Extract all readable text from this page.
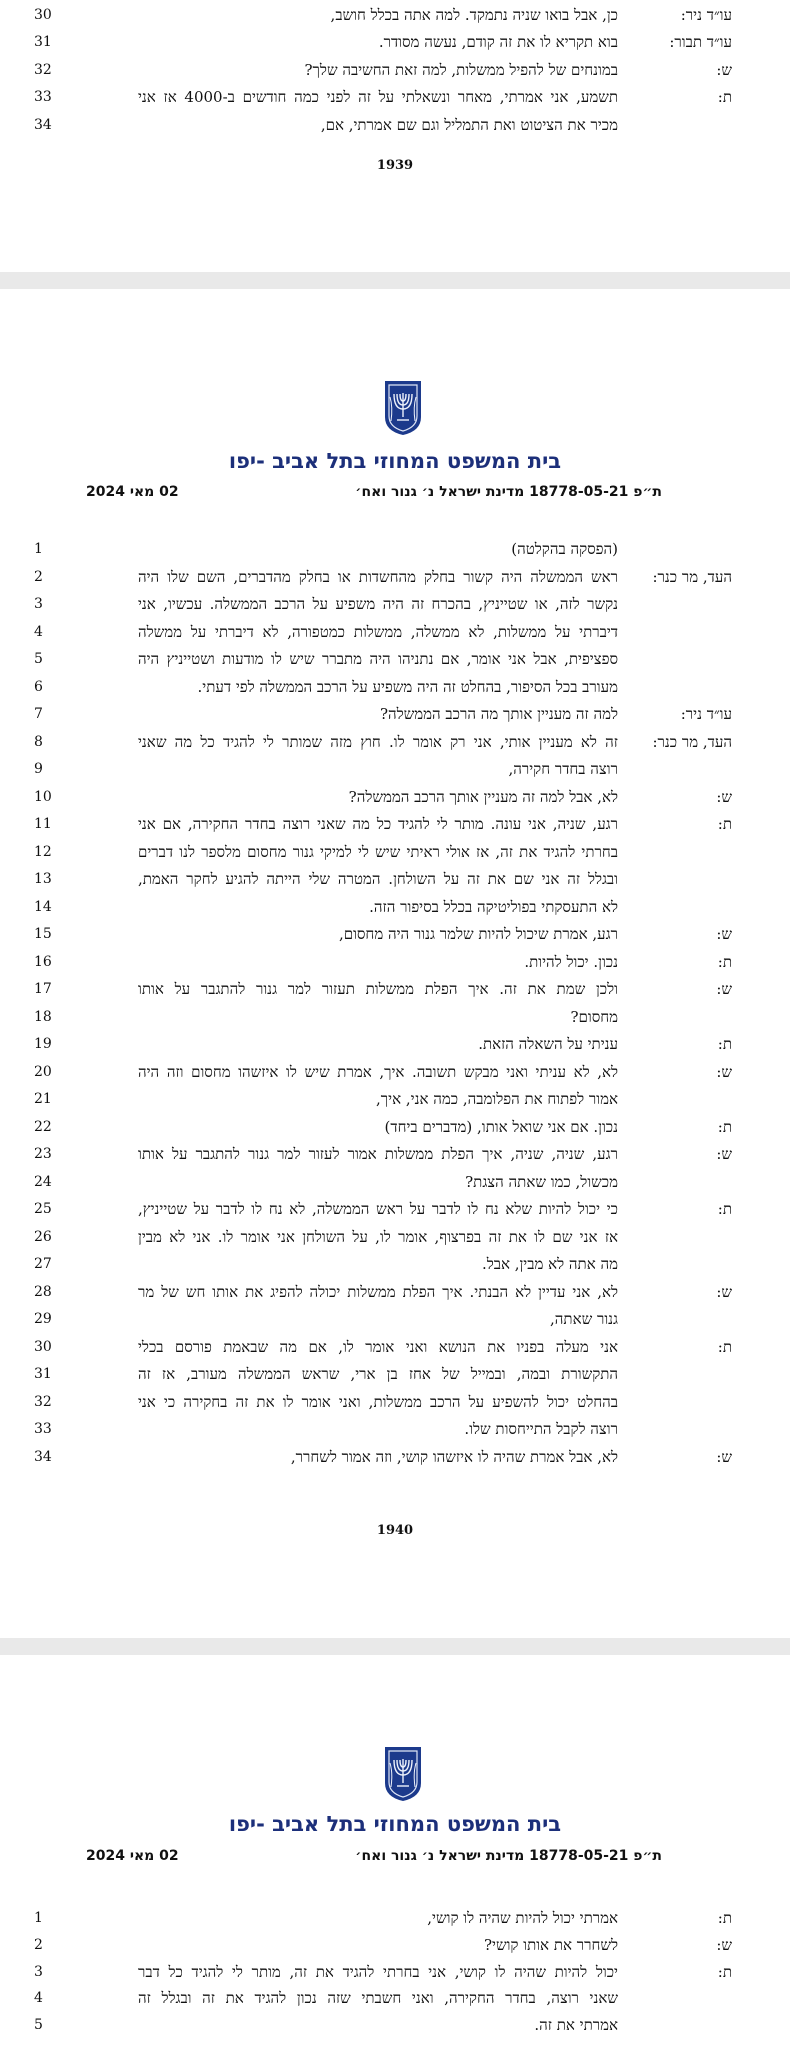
30	עו״ד ניר:
כן, אבל בואו שניה נתמקד. למה אתה בכלל חושב,
31	עו״ד תבור:
בוא תקריא לו את זה קודם, נעשה מסודר.
32	ש:
במונחים של להפיל ממשלות, למה זאת החשיבה שלך?
33	ת:
תשמע, אני אמרתי, מאחר ונשאלתי על זה לפני כמה חודשים ב-4000 אז אני
34	מכיר את הציטוט ואת התמליל וגם שם אמרתי, אם,
1939
בית המשפט המחוזי בתל אביב -יפו
ת״פ 18778-05-21 מדינת ישראל נ׳ גנור ואח׳
02 מאי 2024
1	(הפסקה בהקלטה)
2	העד, מר כנר:
ראש הממשלה היה קשור בחלק מהחשדות או בחלק מהדברים, השם שלו היה
3	נקשר לזה, או שטייניץ, בהכרח זה היה משפיע על הרכב הממשלה. עכשיו, אני
4	דיברתי על ממשלות, לא ממשלה, ממשלות כמטפורה, לא דיברתי על ממשלה
5	ספציפית, אבל אני אומר, אם נתניהו היה מתברר שיש לו מודעות ושטייניץ היה
6	מעורב בכל הסיפור, בהחלט זה היה משפיע על הרכב הממשלה לפי דעתי.
7	עו״ד ניר:
למה זה מעניין אותך מה הרכב הממשלה?
8	העד, מר כנר:
זה לא מעניין אותי, אני רק אומר לו. חוץ מזה שמותר לי להגיד כל מה שאני
9	רוצה בחדר חקירה,
10	ש:
לא, אבל למה זה מעניין אותך הרכב הממשלה?
11	ת:
רגע, שניה, אני עונה. מותר לי להגיד כל מה שאני רוצה בחדר החקירה, אם אני
12	בחרתי להגיד את זה, אז אולי ראיתי שיש לי למיקי גנור מחסום מלספר לנו דברים
13	ובגלל זה אני שם את זה על השולחן. המטרה שלי הייתה להגיע לחקר האמת,
14	לא התעסקתי בפוליטיקה בכלל בסיפור הזה.
15	ש:
רגע, אמרת שיכול להיות שלמר גנור היה מחסום,
16	ת:
נכון. יכול להיות.
17	ש:
ולכן שמת את זה. איך הפלת ממשלות תעזור למר גנור להתגבר על אותו
18	מחסום?
19	ת:
עניתי על השאלה הזאת.
20	ש:
לא, לא עניתי ואני מבקש תשובה. איך, אמרת שיש לו איזשהו מחסום וזה היה
21	אמור לפתוח את הפלומבה, כמה אני, איך,
22	ת:
נכון. אם אני שואל אותו, (מדברים ביחד)
23	ש:
רגע, שניה, שניה, איך הפלת ממשלות אמור לעזור למר גנור להתגבר על אותו
24	מכשול, כמו שאתה הצגת?
25	ת:
כי יכול להיות שלא נח לו לדבר על ראש הממשלה, לא נח לו לדבר על שטייניץ,
26	אז אני שם לו את זה בפרצוף, אומר לו, על השולחן אני אומר לו. אני לא מבין
27	מה אתה לא מבין, אבל.
28	ש:
לא, אני עדיין לא הבנתי. איך הפלת ממשלות יכולה להפיג את אותו חש של מר
29	גנור שאתה,
30	ת:
אני מעלה בפניו את הנושא ואני אומר לו, אם מה שבאמת פורסם בכלי
31	התקשורת ובמה, ובמייל של אחז בן ארי, שראש הממשלה מעורב, אז זה
32	בהחלט יכול להשפיע על הרכב ממשלות, ואני אומר לו את זה בחקירה כי אני
33	רוצה לקבל התייחסות שלו.
34	ש:
לא, אבל אמרת שהיה לו איזשהו קושי, וזה אמור לשחרר,
1940
בית המשפט המחוזי בתל אביב -יפו
ת״פ 18778-05-21 מדינת ישראל נ׳ גנור ואח׳
02 מאי 2024
1	ת:
אמרתי יכול להיות שהיה לו קושי,
2	ש:
לשחרר את אותו קושי?
3	ת:
יכול להיות שהיה לו קושי, אני בחרתי להגיד את זה, מותר לי להגיד כל דבר
4	שאני רוצה, בחדר החקירה, ואני חשבתי שזה נכון להגיד את זה ובגלל זה
5	אמרתי את זה.
